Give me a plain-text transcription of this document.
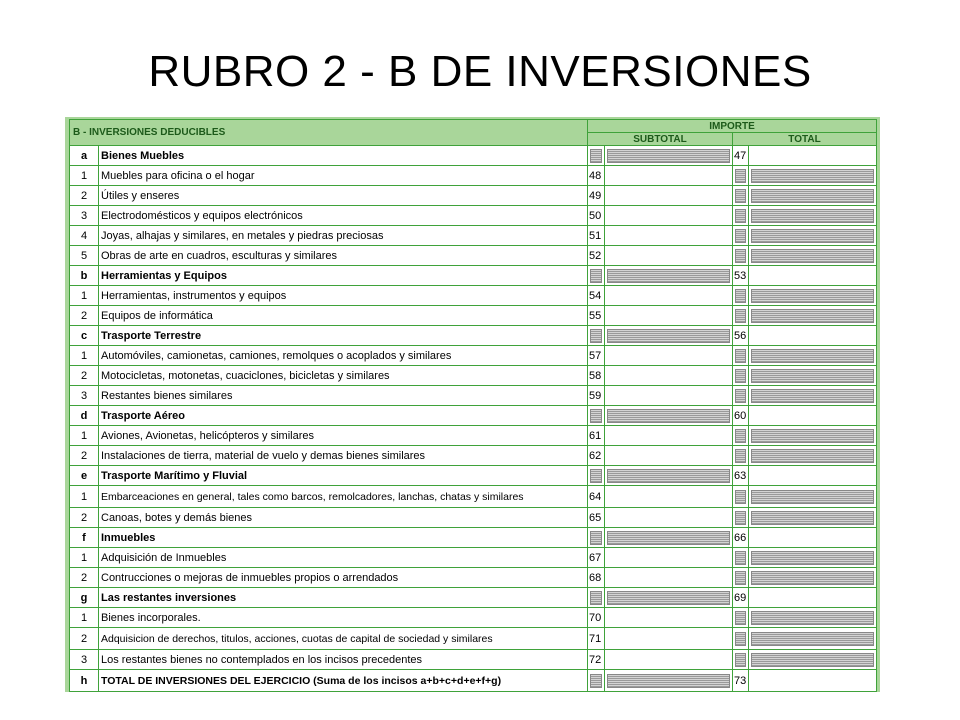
RUBRO 2 - B DE INVERSIONES
B - INVERSIONES DEDUCIBLES		IMPORTE			
		SUBTOTAL		TOTAL	
a	Bienes Muebles			47	
1	Muebles para oficina o el hogar	48		

2	Útiles y enseres	49		

3	Electrodomésticos y equipos electrónicos	50		

4	Joyas, alhajas y similares, en metales y piedras preciosas	51		

5	Obras de arte en cuadros, esculturas y similares	52		

b	Herramientas y Equipos			53	
1	Herramientas, instrumentos y equipos	54		

2	Equipos de informática	55		

c	Trasporte Terrestre			56	
1	Automóviles, camionetas, camiones, remolques o acoplados y similares	57		

2	Motocicletas, motonetas, cuaciclones, bicicletas y similares	58		

3	Restantes bienes similares	59		

d	Trasporte Aéreo			60	
1	Aviones, Avionetas, helicópteros y similares	61		

2	Instalaciones de tierra, material de vuelo y demas bienes similares	62		

e	Trasporte Marítimo y Fluvial			63	
1	Embarceaciones en general, tales como barcos, remolcadores, lanchas, chatas y similares	64		

2	Canoas, botes y demás bienes	65		

f	Inmuebles			66	
1	Adquisición de Inmuebles	67		

2	Contrucciones o mejoras de inmuebles propios o arrendados	68		

g	Las restantes inversiones			69	
1	Bienes incorporales.	70		

2	Adquisicion de derechos, titulos, acciones, cuotas de capital de sociedad y similares	71		

3	Los restantes bienes no contemplados en los incisos precedentes	72		

h	TOTAL DE INVERSIONES DEL EJERCICIO (Suma de los incisos a+b+c+d+e+f+g)			73	
